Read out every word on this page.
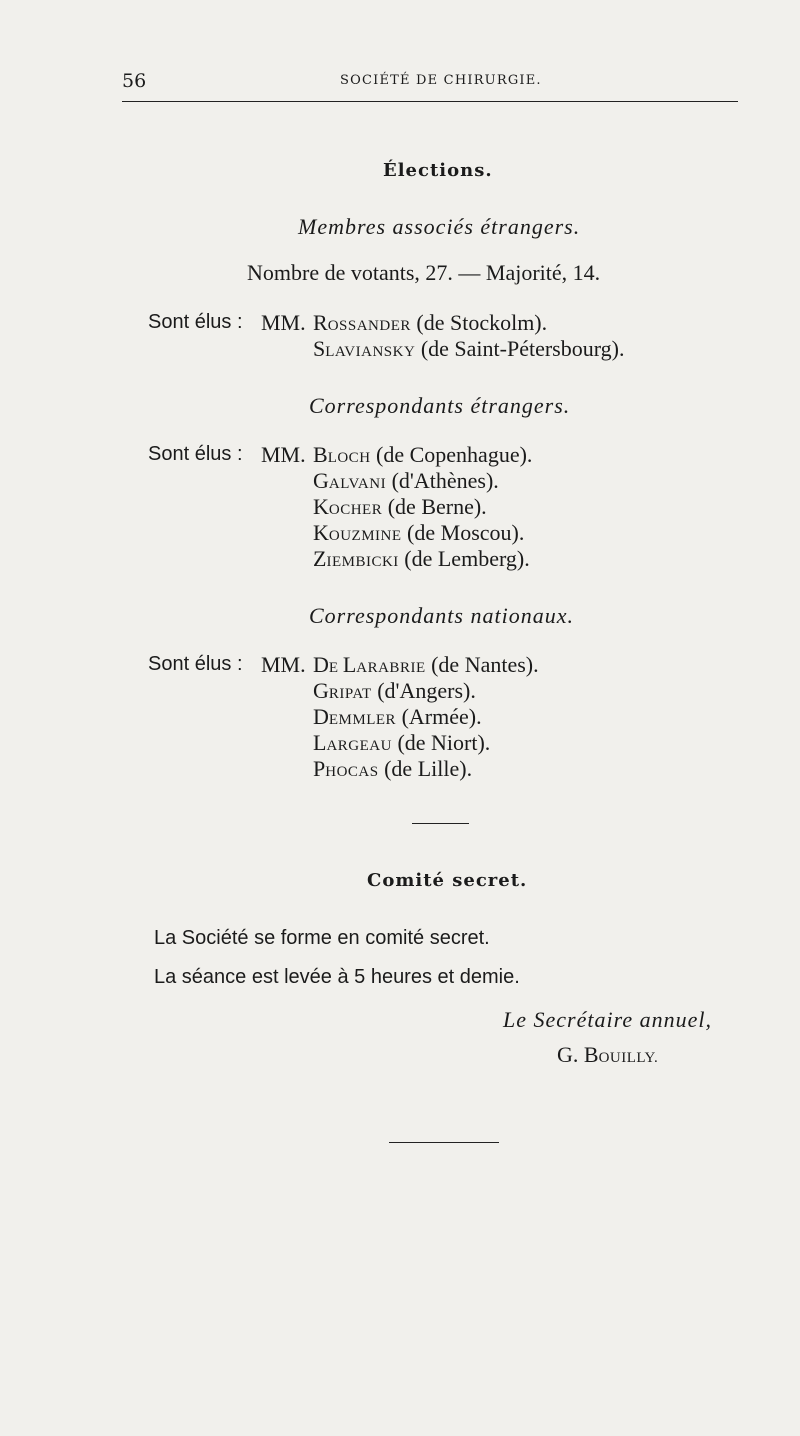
56	SOCIÉTÉ DE CHIRURGIE.
Élections.
Membres associés étrangers.
Nombre de votants, 27. — Majorité, 14.
Sont élus : MM. ROSSANDER (de Stockolm).
SLAVIANSKY (de Saint-Pétersbourg).
Correspondants étrangers.
Sont élus : MM. BLOCH (de Copenhague).
GALVANI (d'Athènes).
KOCHER (de Berne).
KOUZMINE (de Moscou).
ZIEMBICKI (de Lemberg).
Correspondants nationaux.
Sont élus : MM. DE LARABRIE (de Nantes).
GRIPAT (d'Angers).
DEMMLER (Armée).
LARGEAU (de Niort).
PHOCAS (de Lille).
Comité secret.
La Société se forme en comité secret.
La séance est levée à 5 heures et demie.
Le Secrétaire annuel,
G. BOUILLY.
